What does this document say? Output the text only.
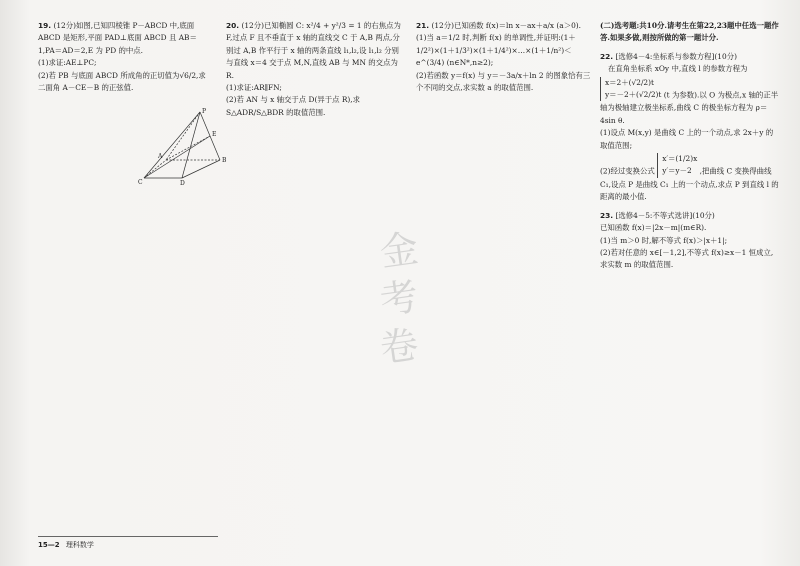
19. (12分)如图,已知四棱锥 P－ABCD 中,底面 ABCD 是矩形,平面 PAD⊥底面 ABCD 且 AB＝1,PA＝AD＝2,E 为 PD 的中点.
(1)求证:AE⊥PC;
(2)若 PB 与底面 ABCD 所成角的正切值为√6/2,求二面角 A－CE－B 的正弦值.
P
A
B
C	D
E
20. (12分)已知椭圆 C: x²/4 + y²/3 = 1 的右焦点为 F,过点 F 且不垂直于 x 轴的直线交 C 于 A,B 两点,分别过 A,B 作平行于 x 轴的两条直线 l₁,l₂,设 l₁,l₂ 分别与直线 x＝4 交于点 M,N,直线 AB 与 MN 的交点为 R.
(1)求证:AR∥FN;
(2)若 AN 与 x 轴交于点 D(异于点 R),求 S△ADR/S△BDR 的取值范围.
21. (12分)已知函数 f(x)＝ln x－ax＋a/x (a＞0).
(1)当 a＝1/2 时,判断 f(x) 的单调性,并证明:(1＋1/2²)×(1＋1/3²)×(1＋1/4²)×…×(1＋1/n²)＜e^(3/4) (n∈N*,n≥2);
(2)若函数 y＝f(x) 与 y＝－3a/x＋ln 2 的图象恰有三个不同的交点,求实数 a 的取值范围.
(二)选考题:共10分.请考生在第22,23题中任选一题作答.如果多做,则按所做的第一题计分.
22. [选修4－4:坐标系与参数方程](10分)
在直角坐标系 xOy 中,直线 l 的参数方程为
x＝2＋(√2/2)t
y＝－2＋(√2/2)t (t 为参数).以 O 为极点,x 轴的正半轴为极轴建立极坐标系,曲线 C 的极坐标方程为 ρ＝4sin θ.
(1)设点 M(x,y) 是曲线 C 上的一个动点,求 2x＋y 的取值范围;
(2)经过变换公式
x′＝(1/2)x
y′＝y－2	,把曲线 C 变换得曲线 C₁,设点 P 是曲线 C₁ 上的一个动点,求点 P 到直线 l 的距离的最小值.
23. [选修4－5:不等式选讲](10分)
已知函数 f(x)＝|2x－m|(m∈R).
(1)当 m＞0 时,解不等式 f(x)＞|x＋1|;
(2)若对任意的 x∈[－1,2],不等式 f(x)≥x－1 恒成立,求实数 m 的取值范围.
金
考
卷
15—2 理科数学
